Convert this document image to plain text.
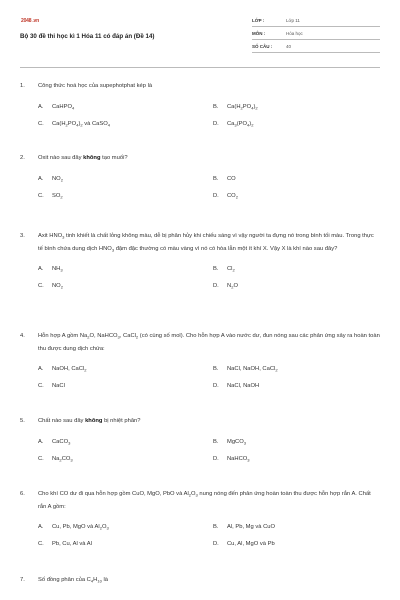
$^{2048.vn}$
Bộ 30 đề thi học kì 1 Hóa 11 có đáp án (Đề 14)
LỚP :	Lớp 11
MÔN :	Hóa học
SỐ CÂU :	40
1.	Công thức hoá học của supephotphat kép là
A.	CaHPO$_4$	B.	$Ca(H_2PO_4)_2$
C.	$Ca(H_2PO_4)_2$ và CaSO$_4$	D.	$Ca_3(PO_4)_2$
2.	Oxit nào sau đây không tạo muối?
A.	$NO_2$	B.	CO
C.	$SO_2$	D.	$CO_2$
3.	Axit $HNO_3$ tinh khiết là chất lỏng không màu, dễ bị phân hủy khi chiếu sáng vì vậy người ta đựng nó trong bình tối màu. Trong thực tế bình chứa dung dịch $HNO_3$ đậm đặc thường có màu vàng vì nó có hòa lẫn một ít khí X. Vậy X là khí nào sau đây?
A.	$NH_3$	B.	$Cl_2$
C.	$NO_2$	D.	$N_2O$
4.	Hỗn hợp A gồm $Na_2O$, NaHCO$_3$, CaCl$_2$ (có cùng số mol). Cho hỗn hợp A vào nước dư, đun nóng sau các phản ứng xảy ra hoàn toàn thu được dung dịch chứa:
A.	NaOH, CaCl$_2$	B.	NaCl, NaOH, CaCl$_2$
C.	NaCl	D.	NaCl, NaOH
5.	Chất nào sau đây không bị nhiệt phân?
A.	CaCO$_3$	B.	MgCO$_3$
C.	$Na_2CO_3$	D.	NaHCO$_3$
6.	Cho khí CO dư đi qua hỗn hợp gồm CuO, MgO, PbO và $Al_2O_3$ nung nóng đến phản ứng hoàn toàn thu được hỗn hợp rắn A. Chất rắn A gồm:
A.	Cu, Pb, MgO và $Al_2O_3$	B.	Al, Pb, Mg và CuO
C.	Pb, Cu, Al và Al	D.	Cu, Al, MgO và Pb
7.	Số đồng phân của $C_4H_{10}$ là
